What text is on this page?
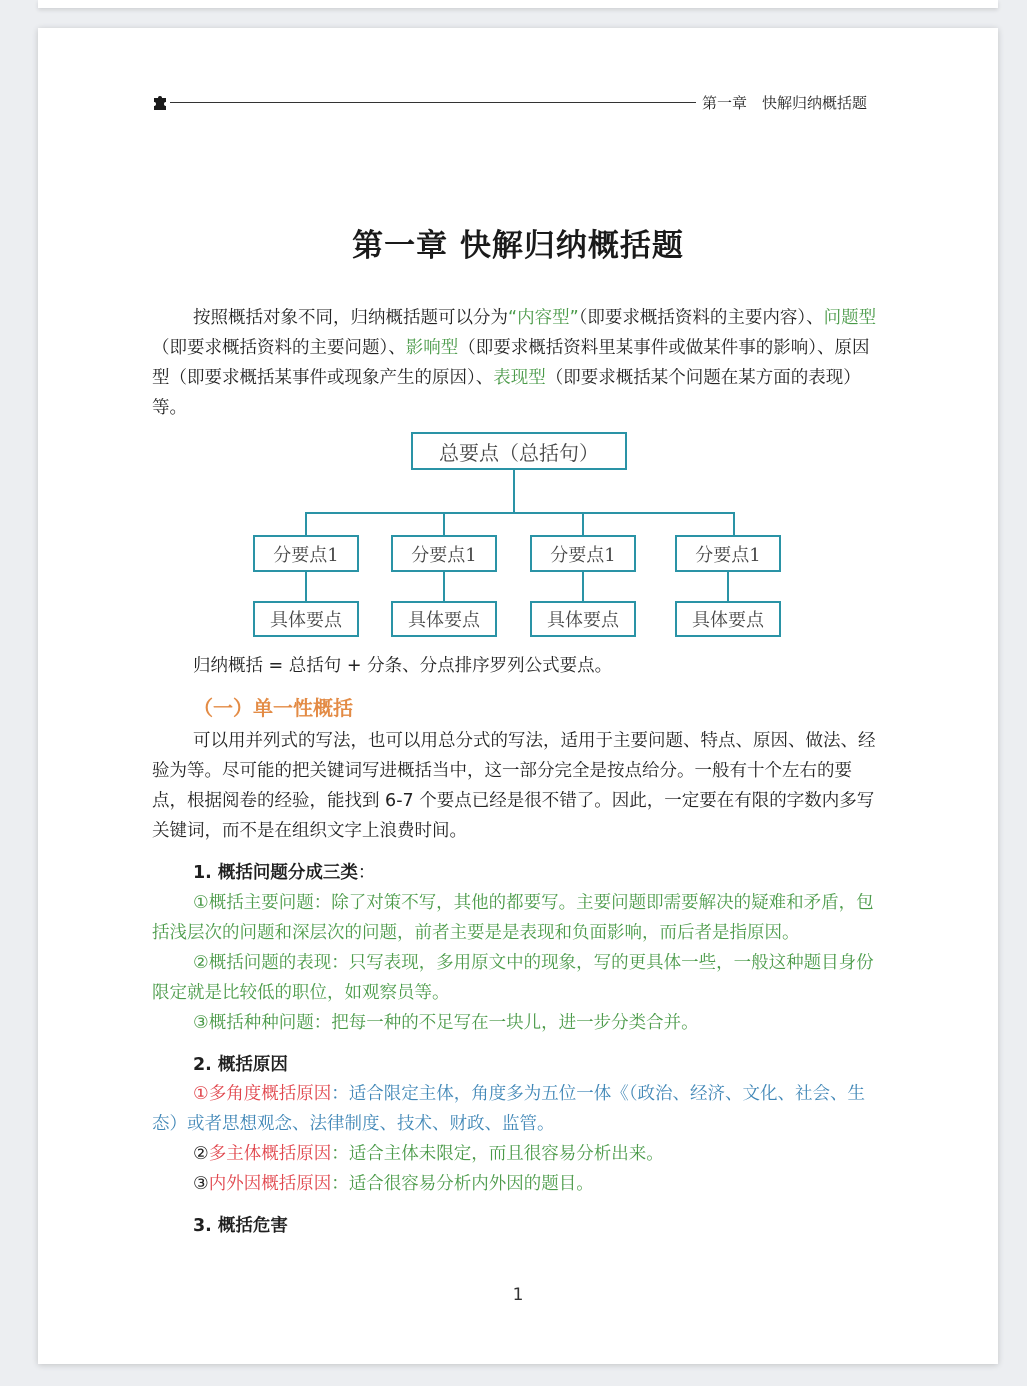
第一章　快解归纳概括题
第一章 快解归纳概括题
按照概括对象不同，归纳概括题可以分为“内容型”（即要求概括资料的主要内容）、问题型（即要求概括资料的主要问题）、影响型（即要求概括资料里某事件或做某件事的影响）、原因型（即要求概括某事件或现象产生的原因）、表现型（即要求概括某个问题在某方面的表现）等。
总要点（总括句）
分要点1	分要点1	分要点1	分要点1
具体要点	具体要点	具体要点	具体要点
归纳概括 = 总括句 + 分条、分点排序罗列公式要点。
（一）单一性概括
可以用并列式的写法，也可以用总分式的写法，适用于主要问题、特点、原因、做法、经验为等。尽可能的把关键词写进概括当中，这一部分完全是按点给分。一般有十个左右的要点，根据阅卷的经验，能找到 6-7 个要点已经是很不错了。因此，一定要在有限的字数内多写关键词，而不是在组织文字上浪费时间。
1. 概括问题分成三类：
①概括主要问题：除了对策不写，其他的都要写。主要问题即需要解决的疑难和矛盾，包括浅层次的问题和深层次的问题，前者主要是是表现和负面影响，而后者是指原因。
②概括问题的表现：只写表现，多用原文中的现象，写的更具体一些，一般这种题目身份限定就是比较低的职位，如观察员等。
③概括种种问题：把每一种的不足写在一块儿，进一步分类合并。
2. 概括原因
①多角度概括原因：适合限定主体，角度多为五位一体《（政治、经济、文化、社会、生态）或者思想观念、法律制度、技术、财政、监管。
②多主体概括原因：适合主体未限定，而且很容易分析出来。
③内外因概括原因：适合很容易分析内外因的题目。
3. 概括危害
1
